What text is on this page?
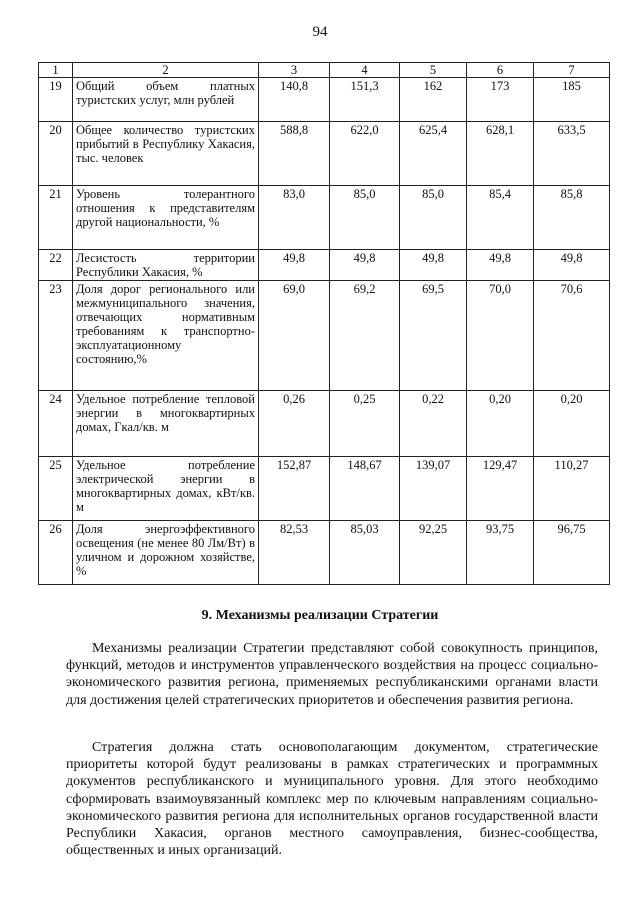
94
1	2	3	4	5	6	7
19	Общий объем платных туристских услуг, млн рублей	140,8	151,3	162	173	185
20	Общее количество туристских прибытий в Республику Хакасия, тыс. человек	588,8	622,0	625,4	628,1	633,5
21	Уровень толерантного отношения к представителям другой национальности, %	83,0	85,0	85,0	85,4	85,8
22	Лесистость территории Республики Хакасия, %	49,8	49,8	49,8	49,8	49,8
23	Доля дорог регионального или межмуниципального значения, отвечающих нормативным требованиям к транспортно-эксплуатационному состоянию,%	69,0	69,2	69,5	70,0	70,6
24	Удельное потребление тепловой энергии в многоквартирных домах, Гкал/кв. м	0,26	0,25	0,22	0,20	0,20
25	Удельное потребление электрической энергии в многоквартирных домах, кВт/кв. м	152,87	148,67	139,07	129,47	110,27
26	Доля энергоэффективного освещения (не менее 80 Лм/Вт) в уличном и дорожном хозяйстве, %	82,53	85,03	92,25	93,75	96,75
9. Механизмы реализации Стратегии

Механизмы реализации Стратегии представляют собой совокупность принципов, функций, методов и инструментов управленческого воздействия на процесс социально-экономического развития региона, применяемых республиканскими органами власти для достижения целей стратегических приоритетов и обеспечения развития региона.

Стратегия должна стать основополагающим документом, стратегические приоритеты которой будут реализованы в рамках стратегических и программных документов республиканского и муниципального уровня. Для этого необходимо сформировать взаимоувязанный комплекс мер по ключевым направлениям социально-экономического развития региона для исполнительных органов государственной власти Республики Хакасия, органов местного самоуправления, бизнес-сообщества, общественных и иных организаций.
